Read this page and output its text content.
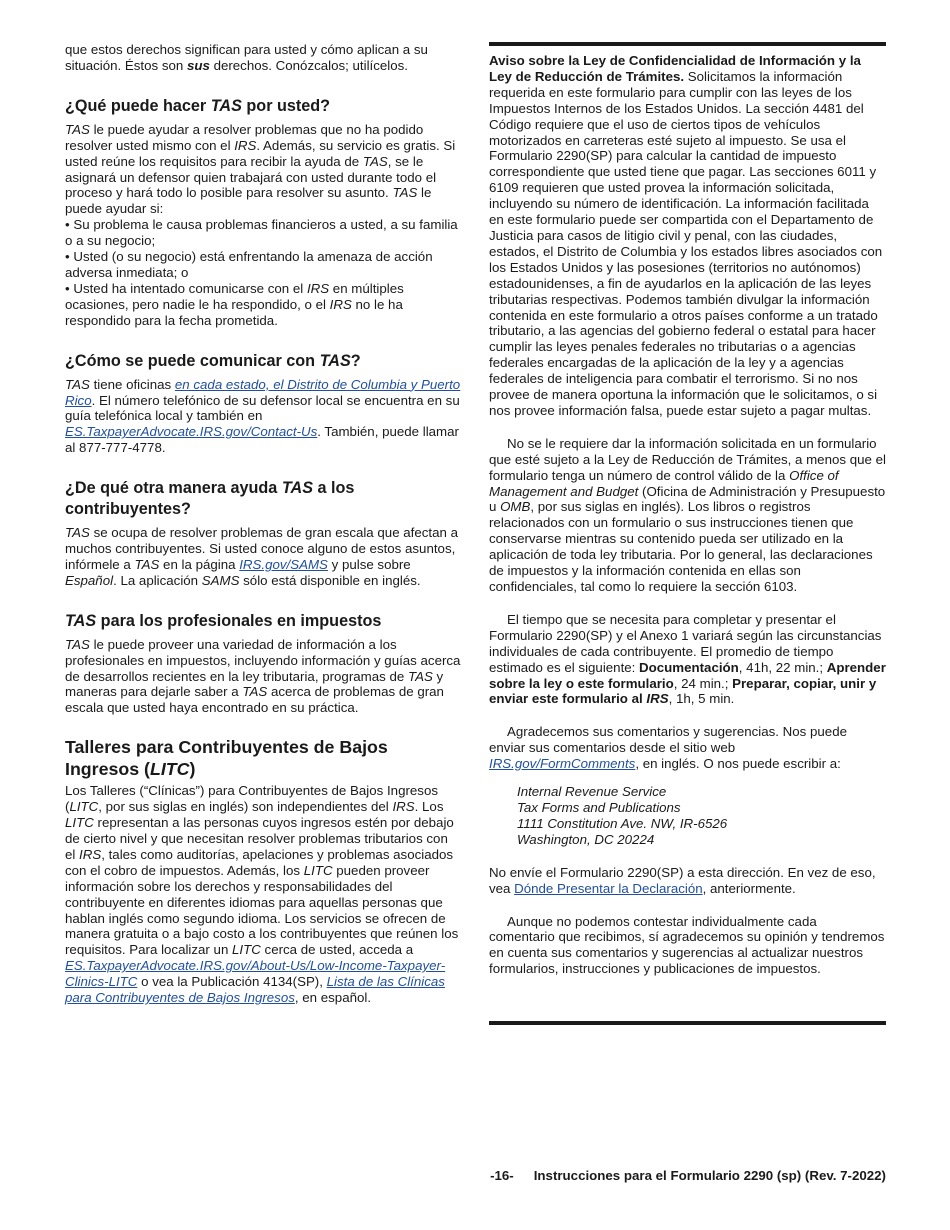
que estos derechos significan para usted y cómo aplican a su situación. Éstos son sus derechos. Conózcalos; utilícelos.

¿Qué puede hacer TAS por usted?

TAS le puede ayudar a resolver problemas que no ha podido resolver usted mismo con el IRS. Además, su servicio es gratis. Si usted reúne los requisitos para recibir la ayuda de TAS, se le asignará un defensor quien trabajará con usted durante todo el proceso y hará todo lo posible para resolver su asunto. TAS le puede ayudar si:

• Su problema le causa problemas financieros a usted, a su familia o a su negocio;

• Usted (o su negocio) está enfrentando la amenaza de acción adversa inmediata; o

• Usted ha intentado comunicarse con el IRS en múltiples ocasiones, pero nadie le ha respondido, o el IRS no le ha respondido para la fecha prometida.

¿Cómo se puede comunicar con TAS?

TAS tiene oficinas en cada estado, el Distrito de Columbia y Puerto Rico. El número telefónico de su defensor local se encuentra en su guía telefónica local y también en ES.TaxpayerAdvocate.IRS.gov/Contact-Us. También, puede llamar al 877-777-4778.

¿De qué otra manera ayuda TAS a los contribuyentes?

TAS se ocupa de resolver problemas de gran escala que afectan a muchos contribuyentes. Si usted conoce alguno de estos asuntos, infórmele a TAS en la página IRS.gov/SAMS y pulse sobre Español. La aplicación SAMS sólo está disponible en inglés.

TAS para los profesionales en impuestos

TAS le puede proveer una variedad de información a los profesionales en impuestos, incluyendo información y guías acerca de desarrollos recientes en la ley tributaria, programas de TAS y maneras para dejarle saber a TAS acerca de problemas de gran escala que usted haya encontrado en su práctica.

Talleres para Contribuyentes de Bajos Ingresos (LITC)

Los Talleres (“Clínicas”) para Contribuyentes de Bajos Ingresos (LITC, por sus siglas en inglés) son independientes del IRS. Los LITC representan a las personas cuyos ingresos estén por debajo de cierto nivel y que necesitan resolver problemas tributarios con el IRS, tales como auditorías, apelaciones y problemas asociados con el cobro de impuestos. Además, los LITC pueden proveer información sobre los derechos y responsabilidades del contribuyente en diferentes idiomas para aquellas personas que hablan inglés como segundo idioma. Los servicios se ofrecen de manera gratuita o a bajo costo a los contribuyentes que reúnen los requisitos. Para localizar un LITC cerca de usted, acceda a ES.TaxpayerAdvocate.IRS.gov/About-Us/Low-Income-Taxpayer-Clinics-LITC o vea la Publicación 4134(SP), Lista de las Clínicas para Contribuyentes de Bajos Ingresos, en español.

Aviso sobre la Ley de Confidencialidad de Información y la Ley de Reducción de Trámites. Solicitamos la información requerida en este formulario para cumplir con las leyes de los Impuestos Internos de los Estados Unidos. La sección 4481 del Código requiere que el uso de ciertos tipos de vehículos motorizados en carreteras esté sujeto al impuesto. Se usa el Formulario 2290(SP) para calcular la cantidad de impuesto correspondiente que usted tiene que pagar. Las secciones 6011 y 6109 requieren que usted provea la información solicitada, incluyendo su número de identificación. La información facilitada en este formulario puede ser compartida con el Departamento de Justicia para casos de litigio civil y penal, con las ciudades, estados, el Distrito de Columbia y los estados libres asociados con los Estados Unidos y las posesiones (territorios no autónomos) estadounidenses, a fin de ayudarlos en la aplicación de las leyes tributarias respectivas. Podemos también divulgar la información contenida en este formulario a otros países conforme a un tratado tributario, a las agencias del gobierno federal o estatal para hacer cumplir las leyes penales federales no tributarias o a agencias federales encargadas de la aplicación de la ley y a agencias federales de inteligencia para combatir el terrorismo. Si no nos provee de manera oportuna la información que le solicitamos, o si nos provee información falsa, puede estar sujeto a pagar multas.

No se le requiere dar la información solicitada en un formulario que esté sujeto a la Ley de Reducción de Trámites, a menos que el formulario tenga un número de control válido de la Office of Management and Budget (Oficina de Administración y Presupuesto u OMB, por sus siglas en inglés). Los libros o registros relacionados con un formulario o sus instrucciones tienen que conservarse mientras su contenido pueda ser utilizado en la aplicación de toda ley tributaria. Por lo general, las declaraciones de impuestos y la información contenida en ellas son confidenciales, tal como lo requiere la sección 6103.

El tiempo que se necesita para completar y presentar el Formulario 2290(SP) y el Anexo 1 variará según las circunstancias individuales de cada contribuyente. El promedio de tiempo estimado es el siguiente: Documentación, 41h, 22 min.; Aprender sobre la ley o este formulario, 24 min.; Preparar, copiar, unir y enviar este formulario al IRS, 1h, 5 min.

Agradecemos sus comentarios y sugerencias. Nos puede enviar sus comentarios desde el sitio web IRS.gov/FormComments, en inglés. O nos puede escribir a:

Internal Revenue Service
Tax Forms and Publications
1111 Constitution Ave. NW, IR-6526
Washington, DC 20224

No envíe el Formulario 2290(SP) a esta dirección. En vez de eso, vea Dónde Presentar la Declaración, anteriormente.

Aunque no podemos contestar individualmente cada comentario que recibimos, sí agradecemos su opinión y tendremos en cuenta sus comentarios y sugerencias al actualizar nuestros formularios, instrucciones y publicaciones de impuestos.

-16- Instrucciones para el Formulario 2290 (sp) (Rev. 7-2022)
